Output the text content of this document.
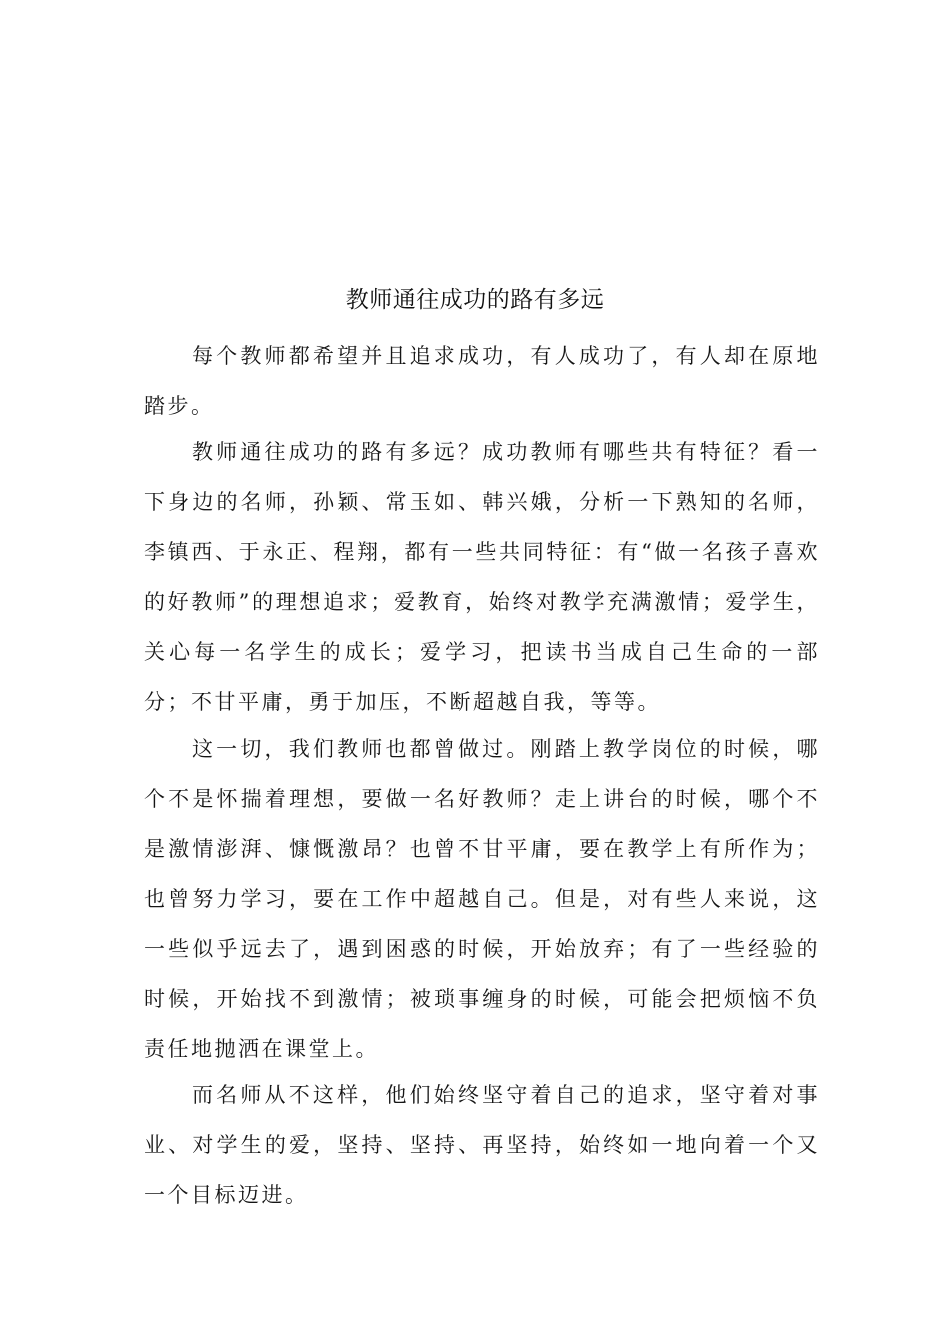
教师通往成功的路有多远

每个教师都希望并且追求成功，有人成功了，有人却在原地踏步。

教师通往成功的路有多远？成功教师有哪些共有特征？看一下身边的名师，孙颖、常玉如、韩兴娥，分析一下熟知的名师，李镇西、于永正、程翔，都有一些共同特征：有“做一名孩子喜欢的好教师”的理想追求；爱教育，始终对教学充满激情；爱学生，关心每一名学生的成长；爱学习，把读书当成自己生命的一部分；不甘平庸，勇于加压，不断超越自我，等等。

这一切，我们教师也都曾做过。刚踏上教学岗位的时候，哪个不是怀揣着理想，要做一名好教师？走上讲台的时候，哪个不是激情澎湃、慷慨激昂？也曾不甘平庸，要在教学上有所作为；也曾努力学习，要在工作中超越自己。但是，对有些人来说，这一些似乎远去了，遇到困惑的时候，开始放弃；有了一些经验的时候，开始找不到激情；被琐事缠身的时候，可能会把烦恼不负责任地抛洒在课堂上。

而名师从不这样，他们始终坚守着自己的追求，坚守着对事业、对学生的爱，坚持、坚持、再坚持，始终如一地向着一个又一个目标迈进。
